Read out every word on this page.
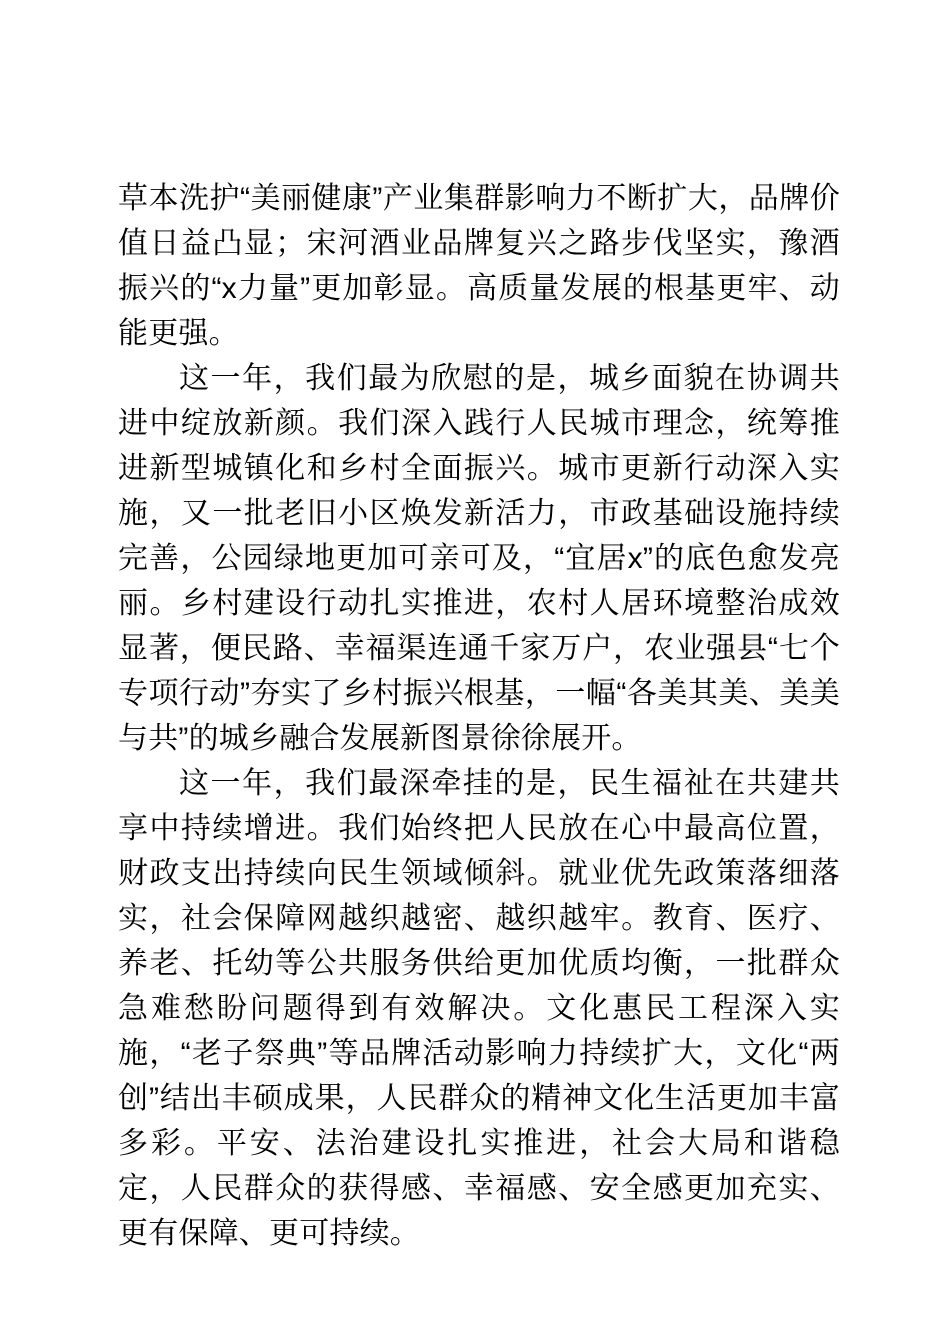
草本洗护“美丽健康”产业集群影响力不断扩大，品牌价值日益凸显；宋河酒业品牌复兴之路步伐坚实，豫酒振兴的“x力量”更加彰显。高质量发展的根基更牢、动能更强。

这一年，我们最为欣慰的是，城乡面貌在协调共进中绽放新颜。我们深入践行人民城市理念，统筹推进新型城镇化和乡村全面振兴。城市更新行动深入实施，又一批老旧小区焕发新活力，市政基础设施持续完善，公园绿地更加可亲可及，“宜居x”的底色愈发亮丽。乡村建设行动扎实推进，农村人居环境整治成效显著，便民路、幸福渠连通千家万户，农业强县“七个专项行动”夯实了乡村振兴根基，一幅“各美其美、美美与共”的城乡融合发展新图景徐徐展开。

这一年，我们最深牵挂的是，民生福祉在共建共享中持续增进。我们始终把人民放在心中最高位置，财政支出持续向民生领域倾斜。就业优先政策落细落实，社会保障网越织越密、越织越牢。教育、医疗、养老、托幼等公共服务供给更加优质均衡，一批群众急难愁盼问题得到有效解决。文化惠民工程深入实施，“老子祭典”等品牌活动影响力持续扩大，文化“两创”结出丰硕成果，人民群众的精神文化生活更加丰富多彩。平安、法治建设扎实推进，社会大局和谐稳定，人民群众的获得感、幸福感、安全感更加充实、更有保障、更可持续。
